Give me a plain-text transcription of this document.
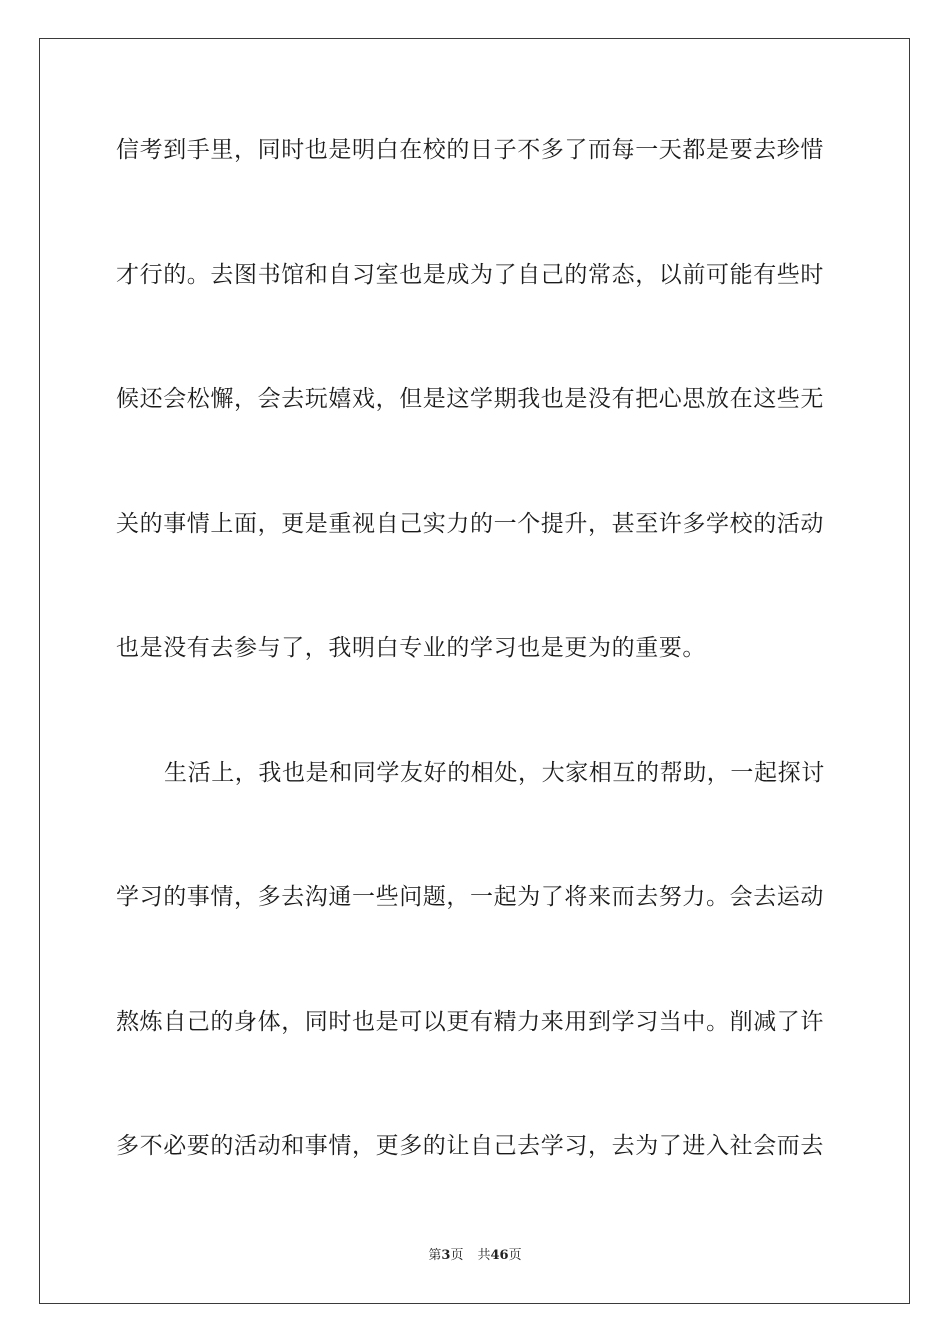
信考到手里，同时也是明白在校的日子不多了而每一天都是要去珍惜
才行的。去图书馆和自习室也是成为了自己的常态，以前可能有些时
候还会松懈，会去玩嬉戏，但是这学期我也是没有把心思放在这些无
关的事情上面，更是重视自己实力的一个提升，甚至许多学校的活动
也是没有去参与了，我明白专业的学习也是更为的重要。
生活上，我也是和同学友好的相处，大家相互的帮助，一起探讨
学习的事情，多去沟通一些问题，一起为了将来而去努力。会去运动
熬炼自己的身体，同时也是可以更有精力来用到学习当中。削减了许
多不必要的活动和事情，更多的让自己去学习，去为了进入社会而去
第3页 共46页
